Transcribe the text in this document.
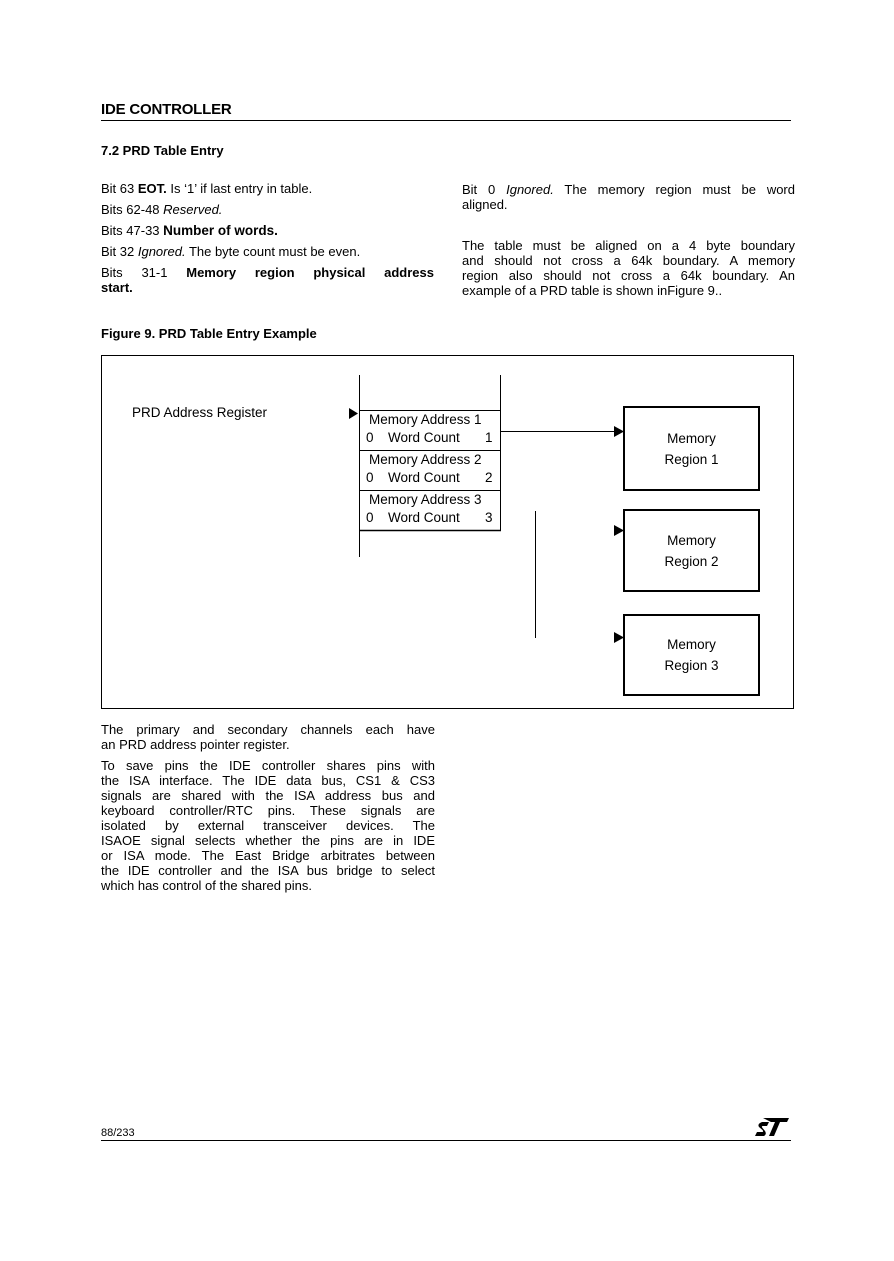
IDE CONTROLLER
7.2 PRD Table Entry
Bit 63 EOT. Is ‘1’ if last entry in table.
Bits 62-48 Reserved.
Bits 47-33 Number of words.
Bit 32 Ignored. The byte count must be even.
Bits 31-1 Memory region physical address
start.
Bit 0 Ignored. The memory region must be word
aligned.
The table must be aligned on a 4 byte boundary
and should not cross a 64k boundary. A memory
region also should not cross a 64k boundary. An
example of a PRD table is shown inFigure 9..
Figure 9. PRD Table Entry Example
PRD Address Register	Memory Address 1
0 Word Count 1
Memory Address 2
0 Word Count 2
Memory Address 3
0 Word Count 3
Memory
Region 1
Memory
Region 2
Memory
Region 3
The primary and secondary channels each have
an PRD address pointer register.
To save pins the IDE controller shares pins with
the ISA interface. The IDE data bus, CS1 & CS3
signals are shared with the ISA address bus and
keyboard controller/RTC pins. These signals are
isolated by external transceiver devices. The
ISAOE signal selects whether the pins are in IDE
or ISA mode. The East Bridge arbitrates between
the IDE controller and the ISA bus bridge to select
which has control of the shared pins.
88/233
